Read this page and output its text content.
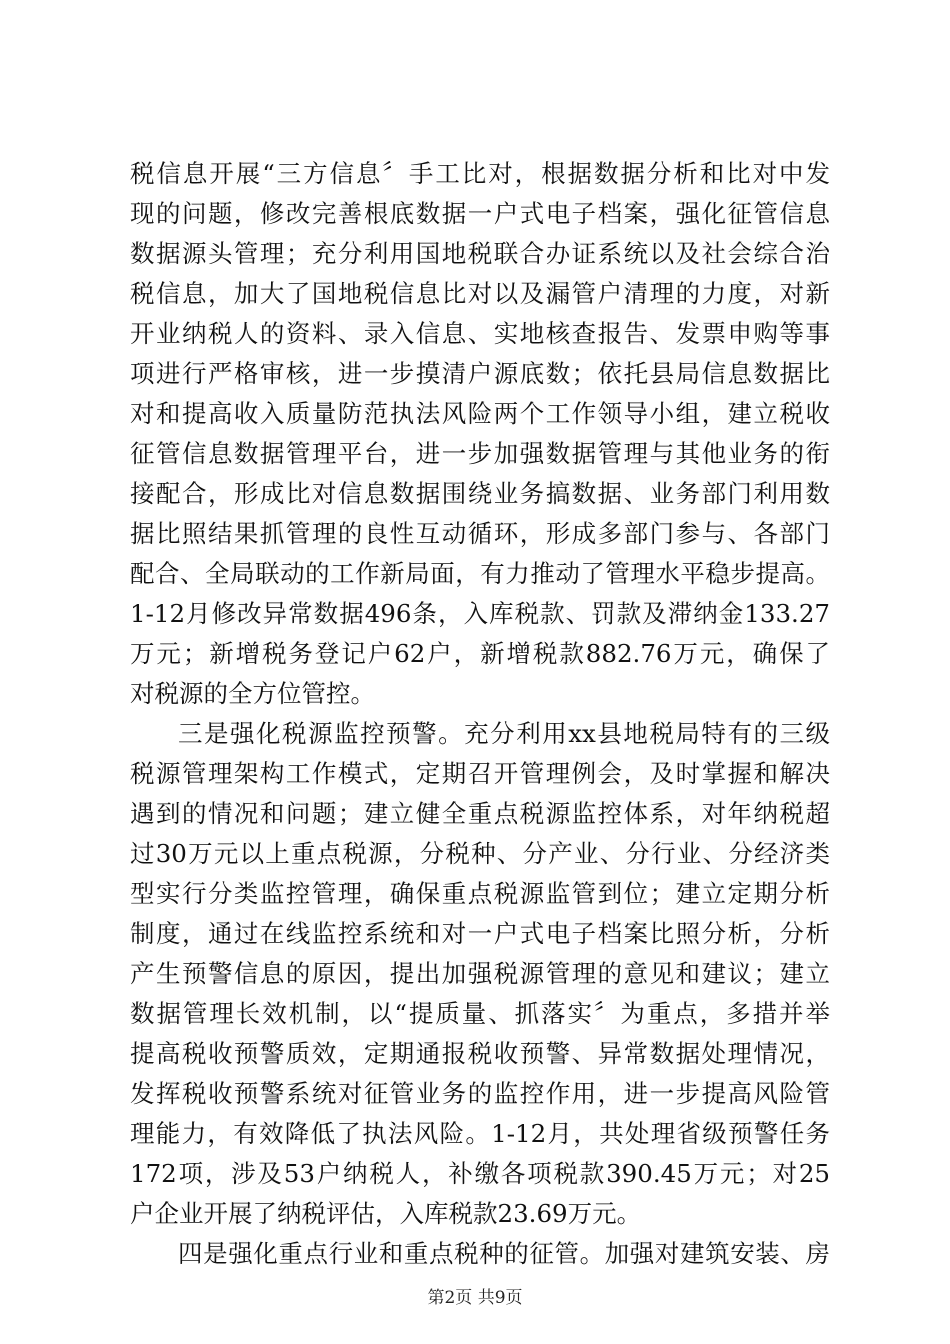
税信息开展“三方信息〞手工比对，根据数据分析和比对中发

现的问题，修改完善根底数据一户式电子档案，强化征管信息

数据源头管理；充分利用国地税联合办证系统以及社会综合治

税信息，加大了国地税信息比对以及漏管户清理的力度，对新

开业纳税人的资料、录入信息、实地核查报告、发票申购等事

项进行严格审核，进一步摸清户源底数；依托县局信息数据比

对和提高收入质量防范执法风险两个工作领导小组，建立税收

征管信息数据管理平台，进一步加强数据管理与其他业务的衔

接配合，形成比对信息数据围绕业务搞数据、业务部门利用数

据比照结果抓管理的良性互动循环，形成多部门参与、各部门

配合、全局联动的工作新局面，有力推动了管理水平稳步提高。

1-12月修改异常数据496条，入库税款、罚款及滞纳金133.27

万元；新增税务登记户62户，新增税款882.76万元，确保了

对税源的全方位管控。

三是强化税源监控预警。充分利用xx县地税局特有的三级

税源管理架构工作模式，定期召开管理例会，及时掌握和解决

遇到的情况和问题；建立健全重点税源监控体系，对年纳税超

过30万元以上重点税源，分税种、分产业、分行业、分经济类

型实行分类监控管理，确保重点税源监管到位；建立定期分析

制度，通过在线监控系统和对一户式电子档案比照分析，分析

产生预警信息的原因，提出加强税源管理的意见和建议；建立

数据管理长效机制，以“提质量、抓落实〞为重点，多措并举

提高税收预警质效，定期通报税收预警、异常数据处理情况，

发挥税收预警系统对征管业务的监控作用，进一步提高风险管

理能力，有效降低了执法风险。1-12月，共处理省级预警任务

172项，涉及53户纳税人，补缴各项税款390.45万元；对25

户企业开展了纳税评估，入库税款23.69万元。

四是强化重点行业和重点税种的征管。加强对建筑安装、房

第2页 共9页
